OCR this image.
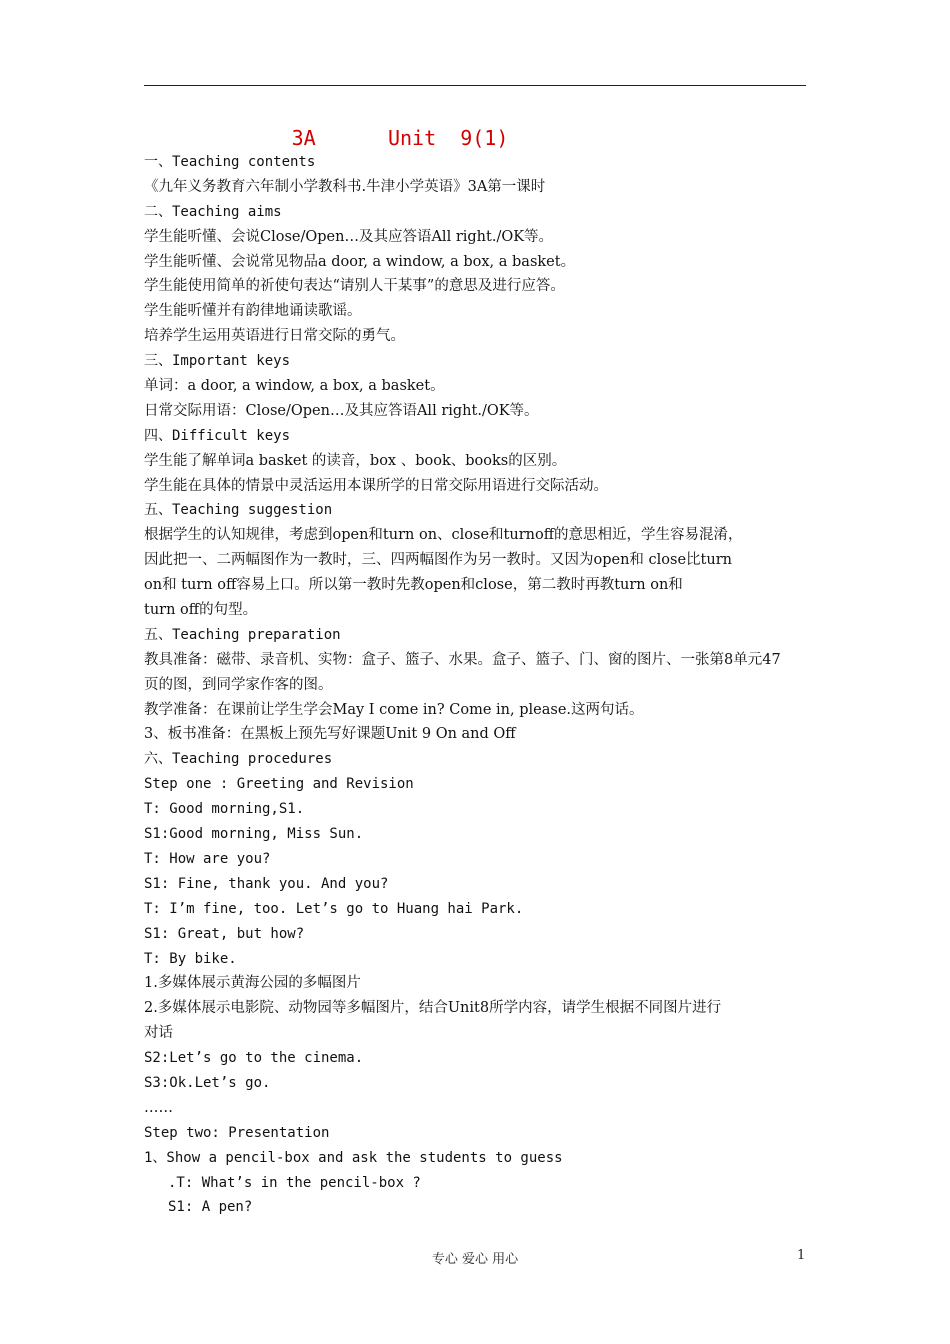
3A      Unit  9(1)
一、Teaching contents
《九年义务教育六年制小学教科书.牛津小学英语》3A第一课时
二、Teaching aims
学生能听懂、会说Close/Open…及其应答语All right./OK等。
学生能听懂、会说常见物品a door, a window, a box, a basket。
学生能使用简单的祈使句表达“请别人干某事”的意思及进行应答。
学生能听懂并有韵律地诵读歌谣。
培养学生运用英语进行日常交际的勇气。
三、Important keys
单词：a door, a window, a box, a basket。
日常交际用语：Close/Open…及其应答语All right./OK等。
四、Difficult keys
学生能了解单词a basket 的读音，box 、book、books的区别。
学生能在具体的情景中灵活运用本课所学的日常交际用语进行交际活动。
五、Teaching suggestion
根据学生的认知规律，考虑到open和turn on、close和turnoff的意思相近，学生容易混淆，
因此把一、二两幅图作为一教时，三、四两幅图作为另一教时。又因为open和 close比turn
on和 turn off容易上口。所以第一教时先教open和close，第二教时再教turn on和
turn off的句型。
五、Teaching preparation
教具准备：磁带、录音机、实物：盒子、篮子、水果。盒子、篮子、门、窗的图片、一张第8单元47
页的图，到同学家作客的图。
教学准备：在课前让学生学会May I come in? Come in, please.这两句话。
3、板书准备：在黑板上预先写好课题Unit 9 On and Off
六、Teaching procedures
Step one : Greeting and Revision
T: Good morning,S1.
S1:Good morning, Miss Sun.
T: How are you?
S1: Fine, thank you. And you?
T: I’m fine, too. Let’s go to Huang hai Park.
S1: Great, but how?
T: By bike.
1.多媒体展示黄海公园的多幅图片
2.多媒体展示电影院、动物园等多幅图片，结合Unit8所学内容，请学生根据不同图片进行
对话
S2:Let’s go to the cinema.
S3:Ok.Let’s go.
……
Step two: Presentation
1、Show a pencil-box and ask the students to guess
.T: What’s in the pencil-box ?
S1: A pen?
专心 爱心 用心	1
